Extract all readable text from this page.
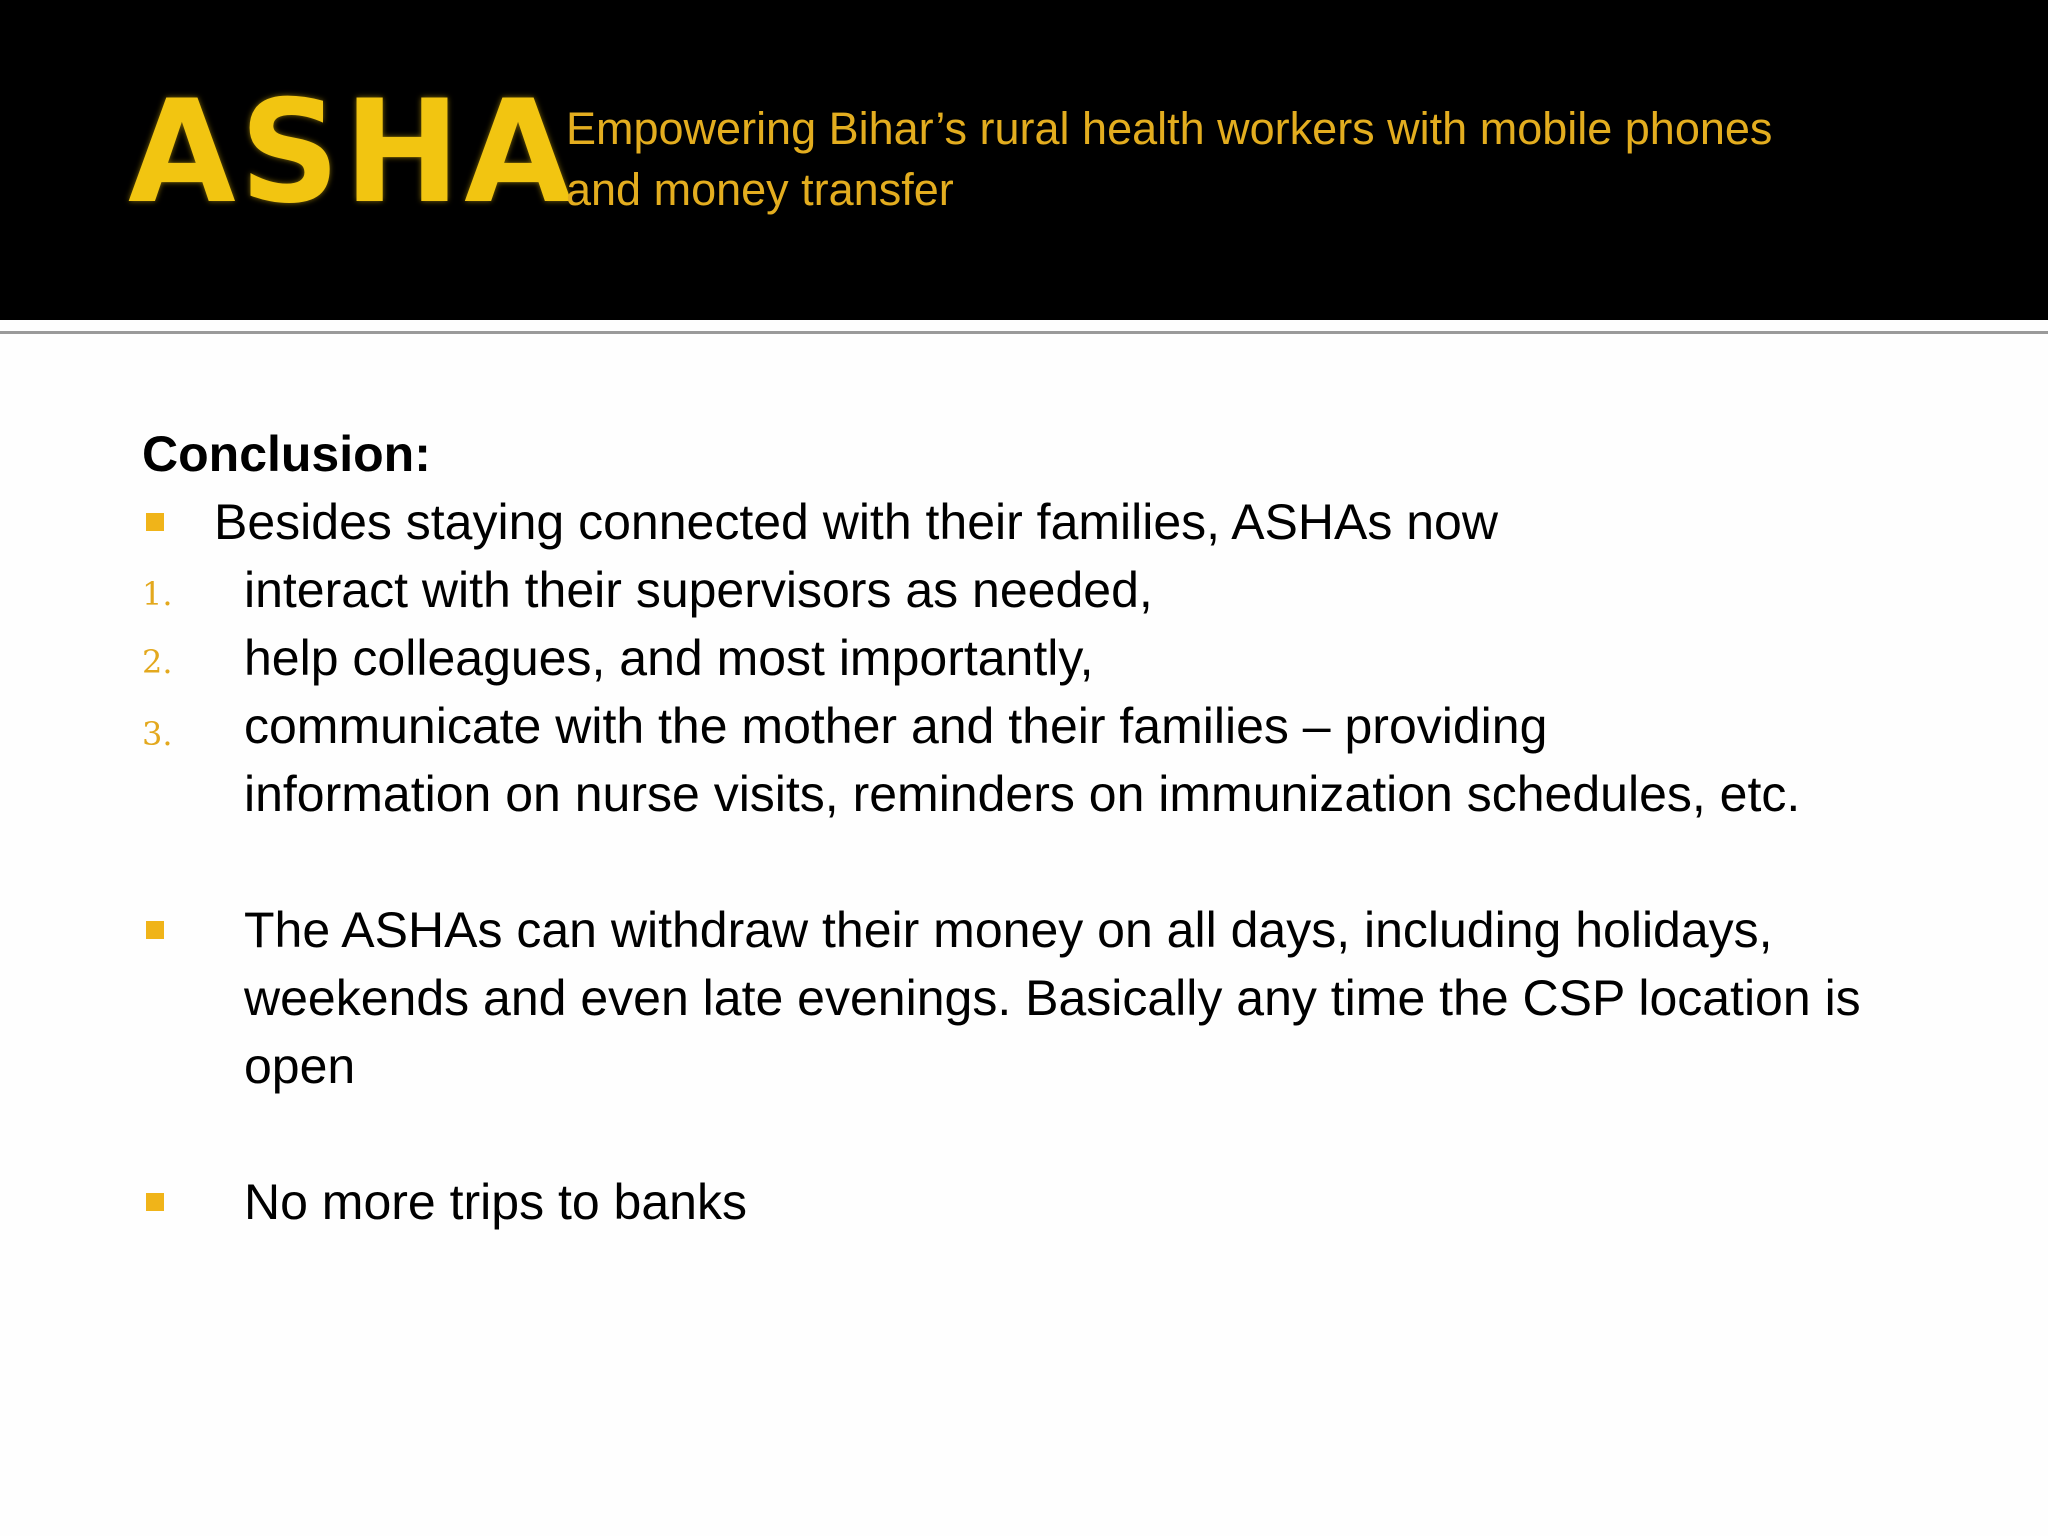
ASHA
Empowering Bihar’s rural health workers with mobile phones
and money transfer
Conclusion:
Besides staying connected with their families, ASHAs now
1.	interact with their supervisors as needed,
2.	help colleagues, and most importantly,
3.	communicate with the mother and their families – providing
information on nurse visits, reminders on immunization schedules, etc.
The ASHAs can withdraw their money on all days, including holidays,
weekends and even late evenings. Basically any time the CSP location is
open
No more trips to banks
